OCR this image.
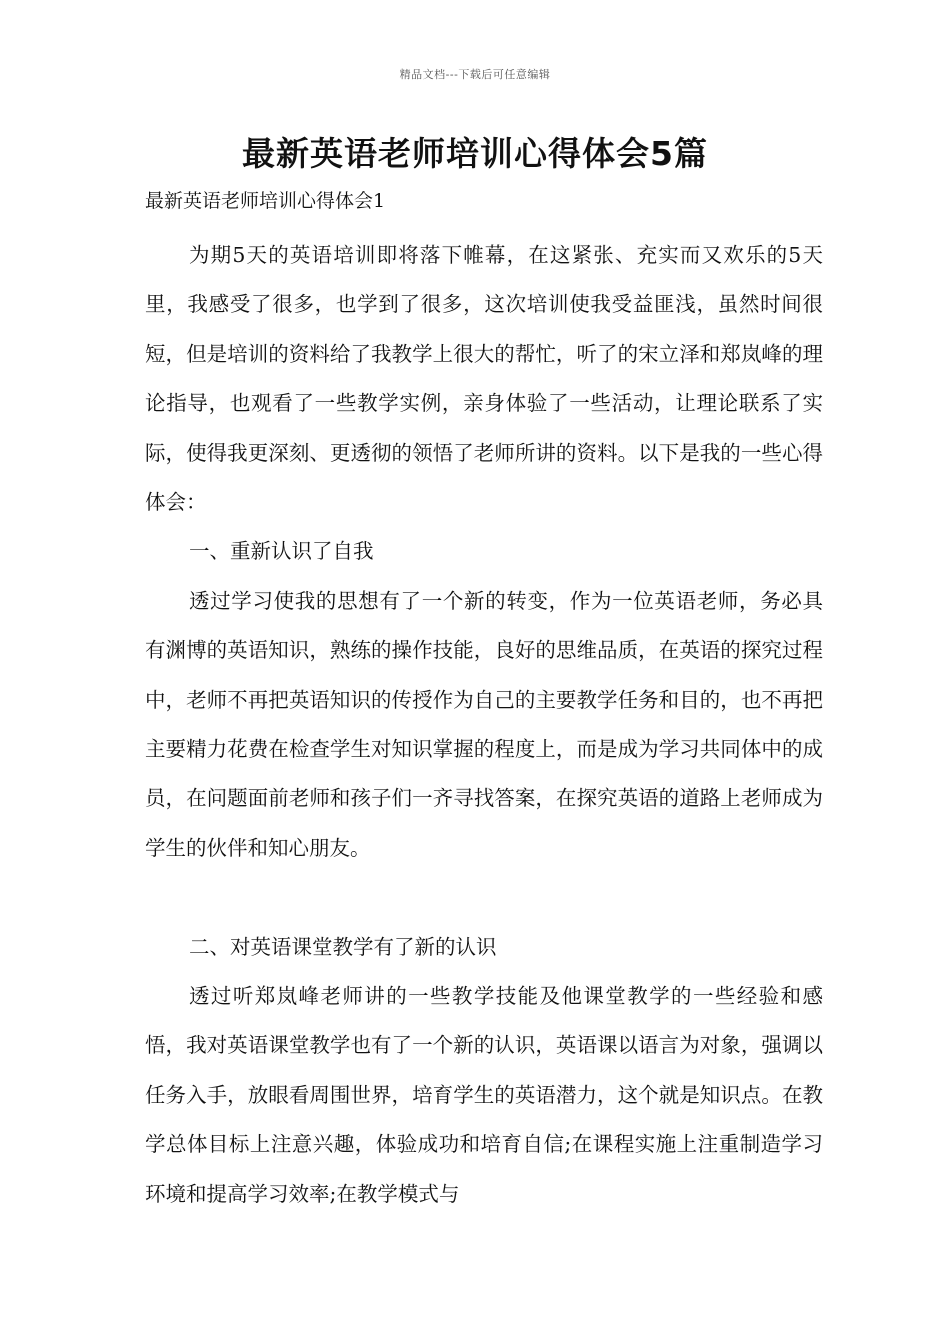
精品文档---下载后可任意编辑
最新英语老师培训心得体会5篇
最新英语老师培训心得体会1

为期5天的英语培训即将落下帷幕，在这紧张、充实而又欢乐的5天里，我感受了很多，也学到了很多，这次培训使我受益匪浅，虽然时间很短，但是培训的资料给了我教学上很大的帮忙，听了的宋立泽和郑岚峰的理论指导，也观看了一些教学实例，亲身体验了一些活动，让理论联系了实际，使得我更深刻、更透彻的领悟了老师所讲的资料。以下是我的一些心得体会：

一、重新认识了自我

透过学习使我的思想有了一个新的转变，作为一位英语老师，务必具有渊博的英语知识，熟练的操作技能，良好的思维品质，在英语的探究过程中，老师不再把英语知识的传授作为自己的主要教学任务和目的，也不再把主要精力花费在检查学生对知识掌握的程度上，而是成为学习共同体中的成员，在问题面前老师和孩子们一齐寻找答案，在探究英语的道路上老师成为学生的伙伴和知心朋友。

二、对英语课堂教学有了新的认识

透过听郑岚峰老师讲的一些教学技能及他课堂教学的一些经验和感悟，我对英语课堂教学也有了一个新的认识，英语课以语言为对象，强调以任务入手，放眼看周围世界，培育学生的英语潜力，这个就是知识点。在教学总体目标上注意兴趣，体验成功和培育自信;在课程实施上注重制造学习环境和提高学习效率;在教学模式与
